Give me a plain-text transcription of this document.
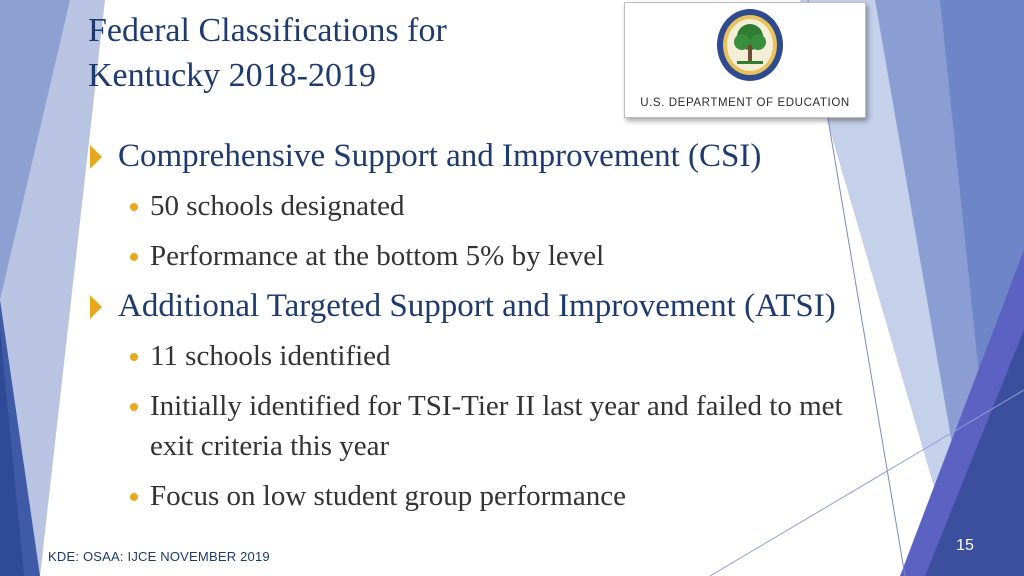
Federal Classifications for
Kentucky 2018-2019
U.S. DEPARTMENT OF EDUCATION
Comprehensive Support and Improvement (CSI)
50 schools designated
Performance at the bottom 5% by level
Additional Targeted Support and Improvement (ATSI)
11 schools identified
Initially identified for TSI-Tier II last year and failed to met exit criteria this year
Focus on low student group performance
KDE: OSAA: IJCE NOVEMBER 2019
15
